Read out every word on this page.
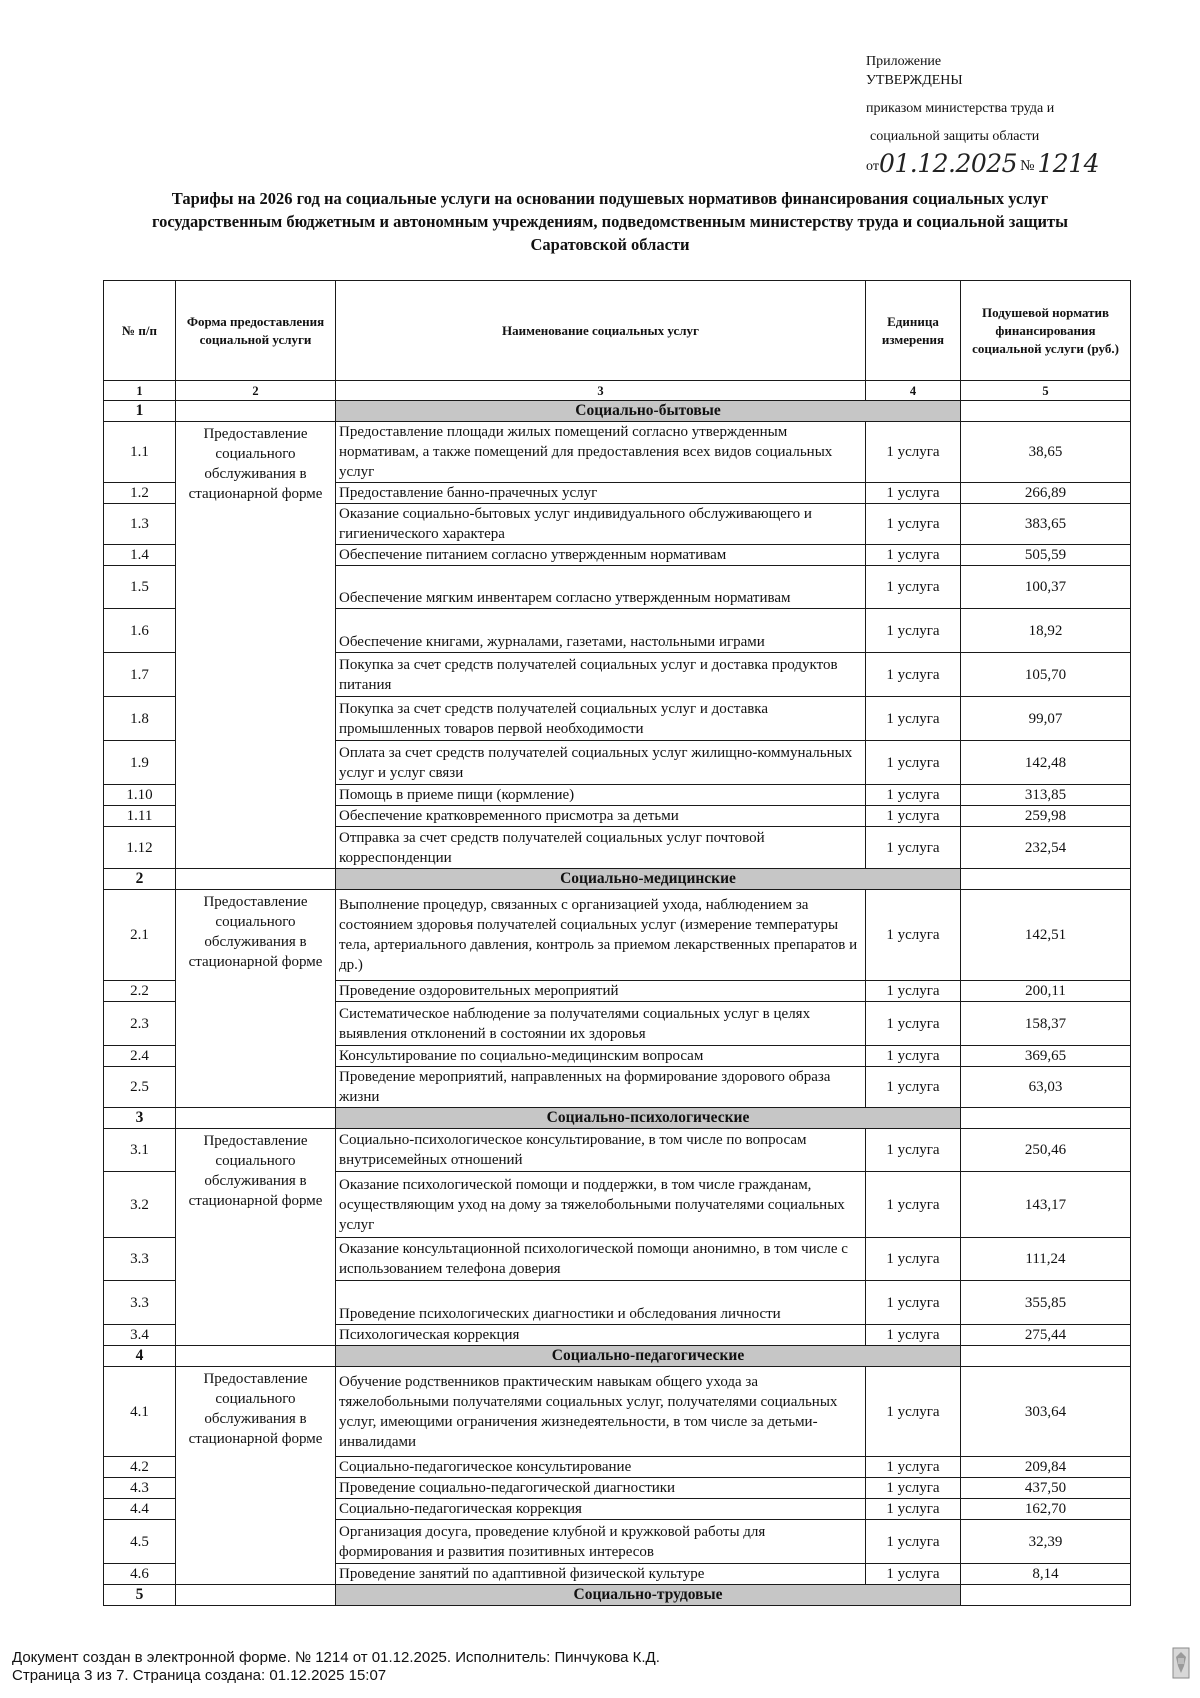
Приложение
УТВЕРЖДЕНЫ
приказом министерства труда и
социальной защиты области
от 01.12.2025 № 1214
Тарифы на 2026 год на социальные услуги на основании подушевых нормативов финансирования социальных услуг государственным бюджетным и автономным учреждениям, подведомственным министерству труда и социальной защиты Саратовской области
№ п/п	Форма предоставления социальной услуги	Наименование социальных услуг	Единица измерения	Подушевой норматив финансирования социальной услуги (руб.)
1	2	3	4	5
1		Социально-бытовые		
1.1	Предоставление социального обслуживания в стационарной форме	Предоставление площади жилых помещений согласно утвержденным нормативам, а также помещений для предоставления всех видов социальных услуг	1 услуга	38,65
1.2		Предоставление банно-прачечных услуг	1 услуга	266,89
1.3		Оказание социально-бытовых услуг индивидуального обслуживающего и гигиенического характера	1 услуга	383,65
1.4		Обеспечение питанием согласно утвержденным нормативам	1 услуга	505,59
1.5		Обеспечение мягким инвентарем согласно утвержденным нормативам	1 услуга	100,37
1.6		Обеспечение книгами, журналами, газетами, настольными играми	1 услуга	18,92
1.7		Покупка за счет средств получателей социальных услуг и доставка продуктов питания	1 услуга	105,70
1.8		Покупка за счет средств получателей социальных услуг и доставка промышленных товаров первой необходимости	1 услуга	99,07
1.9		Оплата за счет средств получателей социальных услуг жилищно-коммунальных услуг и услуг связи	1 услуга	142,48
1.10		Помощь в приеме пищи (кормление)	1 услуга	313,85
1.11		Обеспечение кратковременного присмотра за детьми	1 услуга	259,98
1.12		Отправка за счет средств получателей социальных услуг почтовой корреспонденции	1 услуга	232,54
2		Социально-медицинские		
2.1	Предоставление социального обслуживания в стационарной форме	Выполнение процедур, связанных с организацией ухода, наблюдением за состоянием здоровья получателей социальных услуг (измерение температуры тела, артериального давления, контроль за приемом лекарственных препаратов и др.)	1 услуга	142,51
2.2		Проведение оздоровительных мероприятий	1 услуга	200,11
2.3		Систематическое наблюдение за получателями социальных услуг в целях выявления отклонений в состоянии их здоровья	1 услуга	158,37
2.4		Консультирование по социально-медицинским вопросам	1 услуга	369,65
2.5		Проведение мероприятий, направленных на формирование здорового образа жизни	1 услуга	63,03
3		Социально-психологические		
3.1	Предоставление социального обслуживания в стационарной форме	Социально-психологическое консультирование, в том числе по вопросам внутрисемейных отношений	1 услуга	250,46
3.2		Оказание психологической помощи и поддержки, в том числе гражданам, осуществляющим уход на дому за тяжелобольными получателями социальных услуг	1 услуга	143,17
3.3		Оказание консультационной психологической помощи анонимно, в том числе с использованием телефона доверия	1 услуга	111,24
3.3		Проведение психологических диагностики и обследования личности	1 услуга	355,85
3.4		Психологическая коррекция	1 услуга	275,44
4		Социально-педагогические		
4.1	Предоставление социального обслуживания в стационарной форме	Обучение родственников практическим навыкам общего ухода за тяжелобольными получателями социальных услуг, получателями социальных услуг, имеющими ограничения жизнедеятельности, в том числе за детьми-инвалидами	1 услуга	303,64
4.2		Социально-педагогическое консультирование	1 услуга	209,84
4.3		Проведение социально-педагогической диагностики	1 услуга	437,50
4.4		Социально-педагогическая коррекция	1 услуга	162,70
4.5		Организация досуга, проведение клубной и кружковой работы для формирования и развития позитивных интересов	1 услуга	32,39
4.6		Проведение занятий по адаптивной физической культуре	1 услуга	8,14
5		Социально-трудовые		
Документ создан в электронной форме. № 1214 от 01.12.2025. Исполнитель: Пинчукова К.Д.
Страница 3 из 7. Страница создана: 01.12.2025 15:07
